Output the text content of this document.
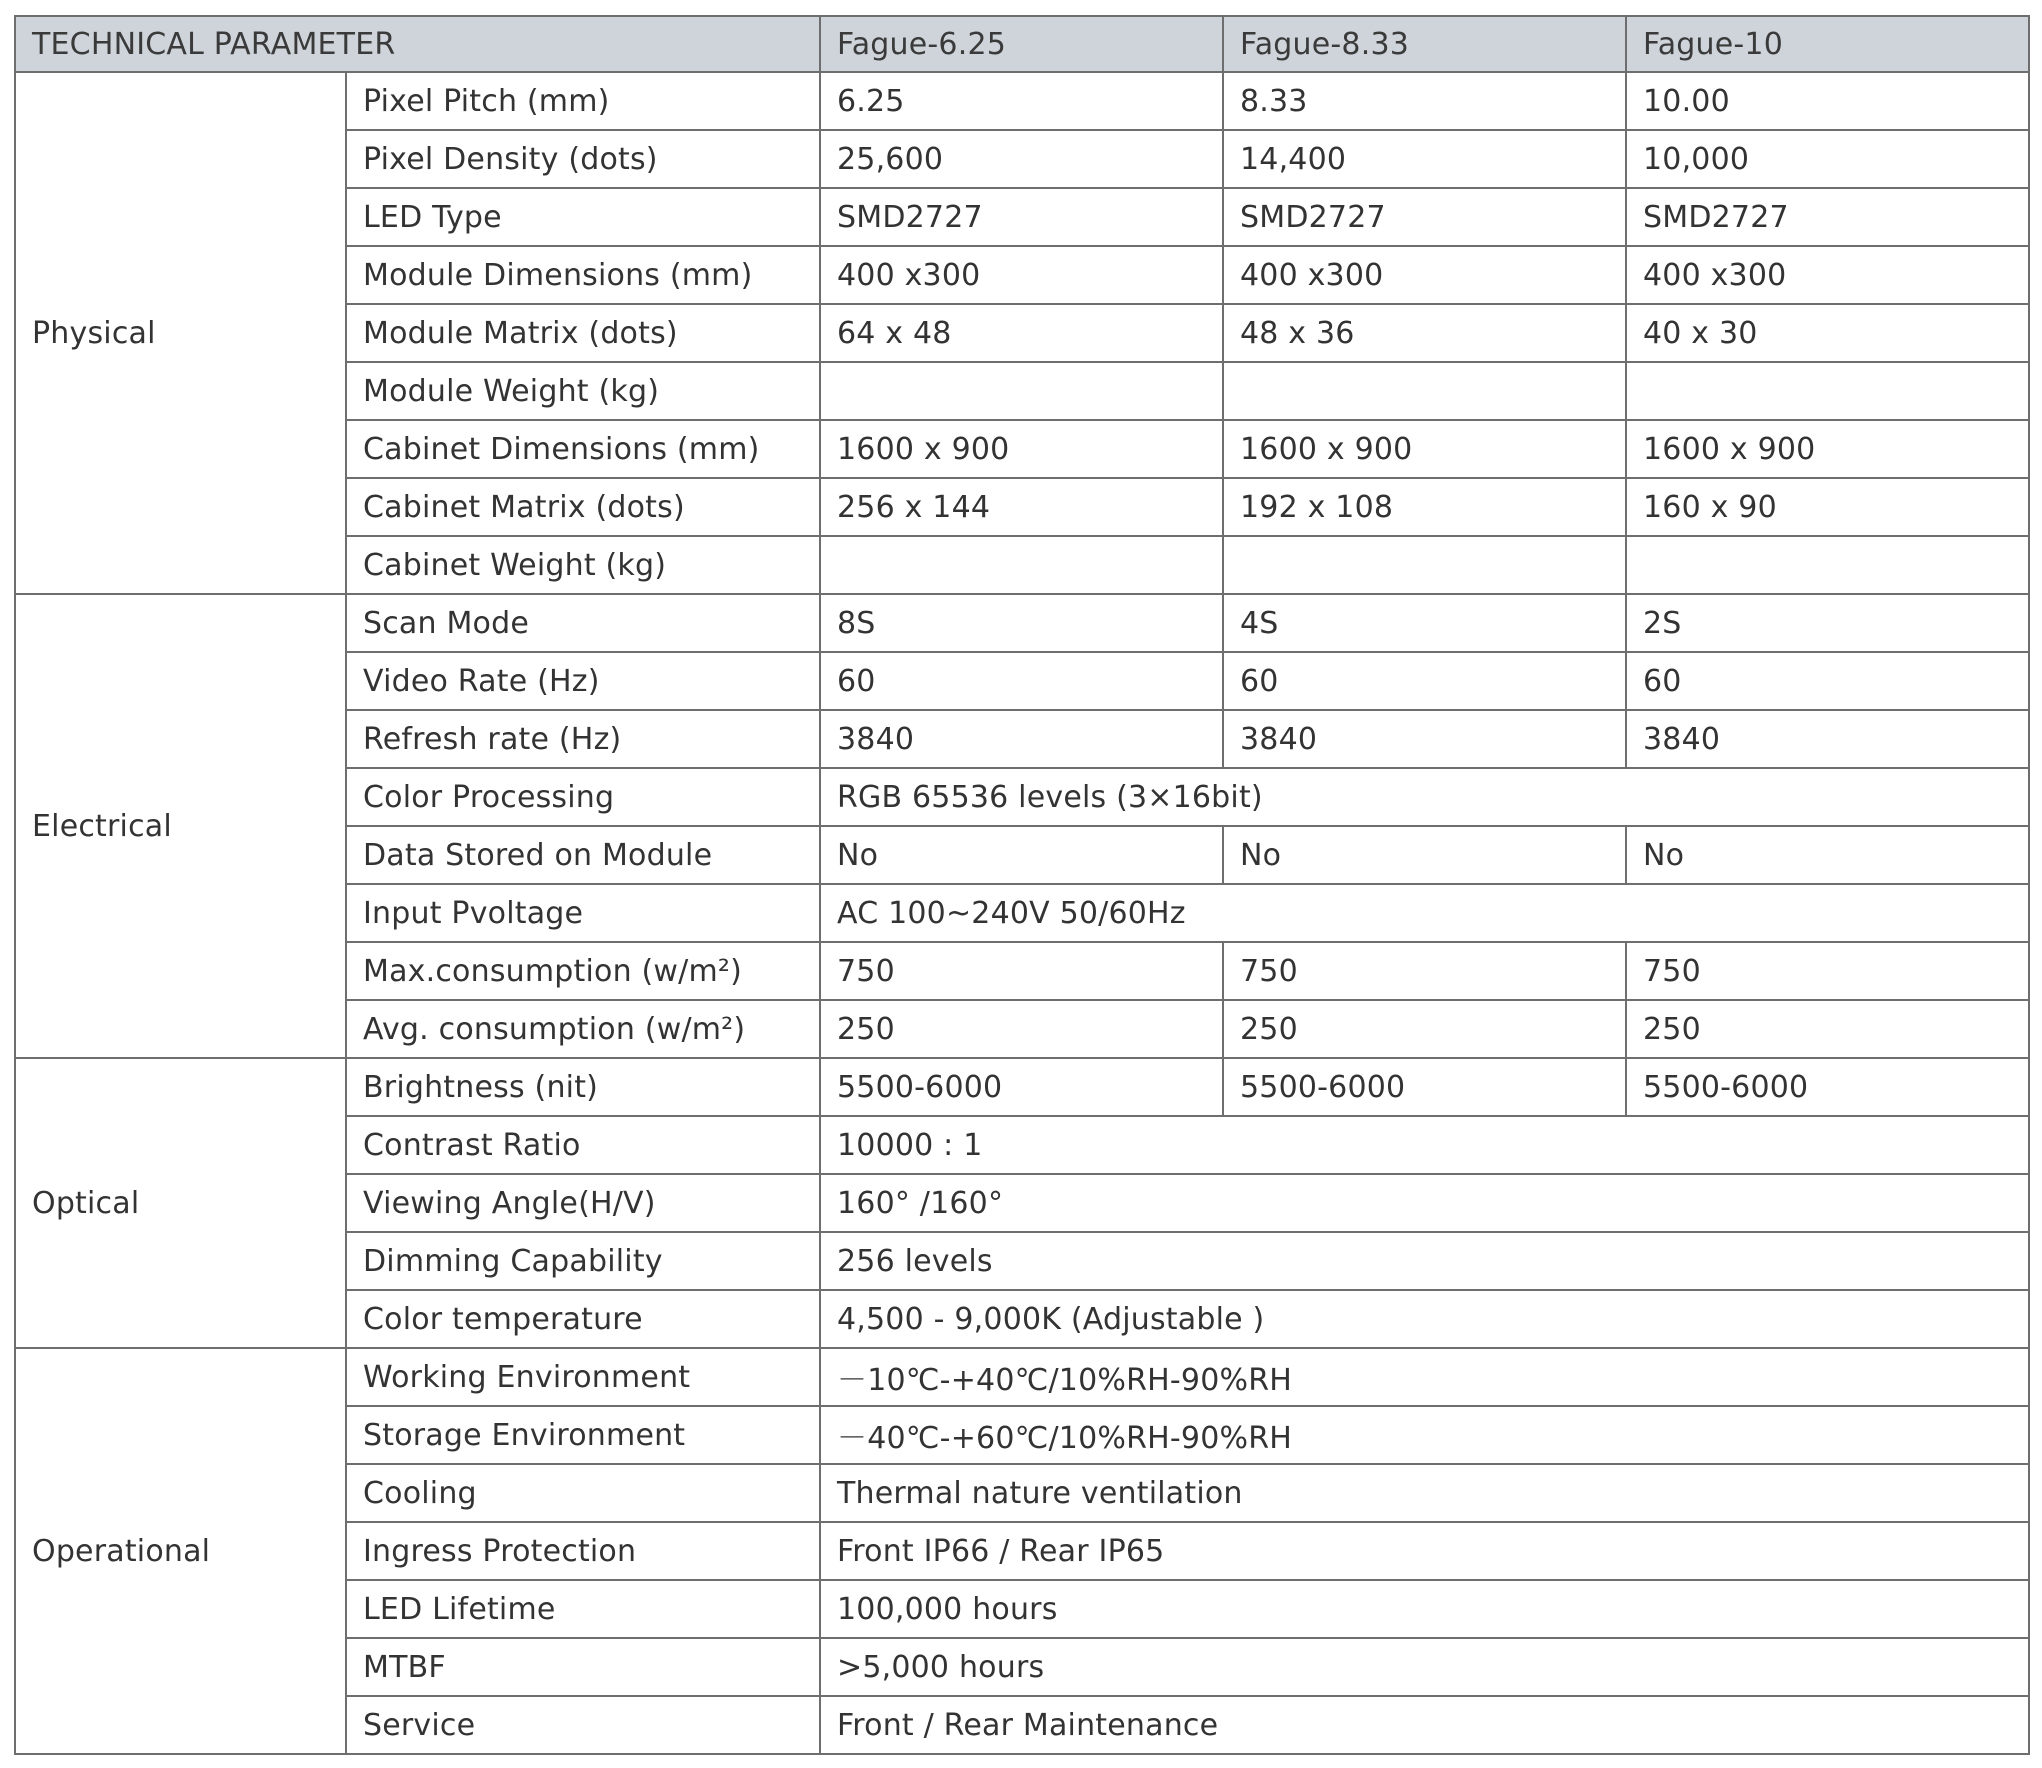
TECHNICAL PARAMETER		Fague-6.25	Fague-8.33	Fague-10
Physical	Pixel Pitch (mm)	6.25	8.33	10.00
	Pixel Density (dots)	25,600	14,400	10,000
	LED Type	SMD2727	SMD2727	SMD2727
	Module Dimensions (mm)	400 x300	400 x300	400 x300
	Module Matrix (dots)	64 x 48	48 x 36	40 x 30
	Module Weight (kg)			
	Cabinet Dimensions (mm)	1600 x 900	1600 x 900	1600 x 900
	Cabinet Matrix (dots)	256 x 144	192 x 108	160 x 90
	Cabinet Weight (kg)			
Electrical	Scan Mode	8S	4S	2S
	Video Rate (Hz)	60	60	60
	Refresh rate (Hz)	3840	3840	3840
	Color Processing	RGB 65536 levels (3×16bit)		
	Data Stored on Module	No	No	No
	Input Pvoltage	AC 100~240V 50/60Hz		
	Max.consumption (w/m²)	750	750	750
	Avg. consumption (w/m²)	250	250	250
Optical	Brightness (nit)	5500-6000	5500-6000	5500-6000
	Contrast Ratio	10000 : 1		
	Viewing Angle(H/V)	160° /160°		
	Dimming Capability	256 levels		
	Color temperature	4,500 - 9,000K (Adjustable )		
Operational	Working Environment	－10℃-+40℃/10%RH-90%RH		
	Storage Environment	－40℃-+60℃/10%RH-90%RH		
	Cooling	Thermal nature ventilation		
	Ingress Protection	Front IP66 / Rear IP65		
	LED Lifetime	100,000 hours		
	MTBF	>5,000 hours		
	Service	Front / Rear Maintenance		
